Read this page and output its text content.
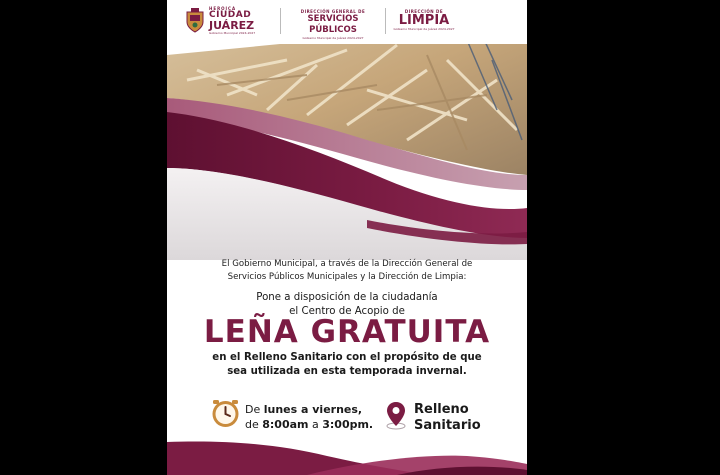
HEROICA
CIUDAD
JUÁREZ
Gobierno Municipal 2024-2027
DIRECCIÓN GENERAL DE
SERVICIOS PÚBLICOS
Gobierno Municipal de Juárez 2024-2027
DIRECCIÓN DE
LIMPIA
Gobierno Municipal de Juárez 2024-2027
El Gobierno Municipal, a través de la Dirección General de
Servicios Públicos Municipales y la Dirección de Limpia:
Pone a disposición de la ciudadanía
el Centro de Acopio de
LEÑA GRATUITA
en el Relleno Sanitario con el propósito de que
sea utilizada en esta temporada invernal.
De lunes a viernes,
de 8:00am a 3:00pm.
Relleno
Sanitario
